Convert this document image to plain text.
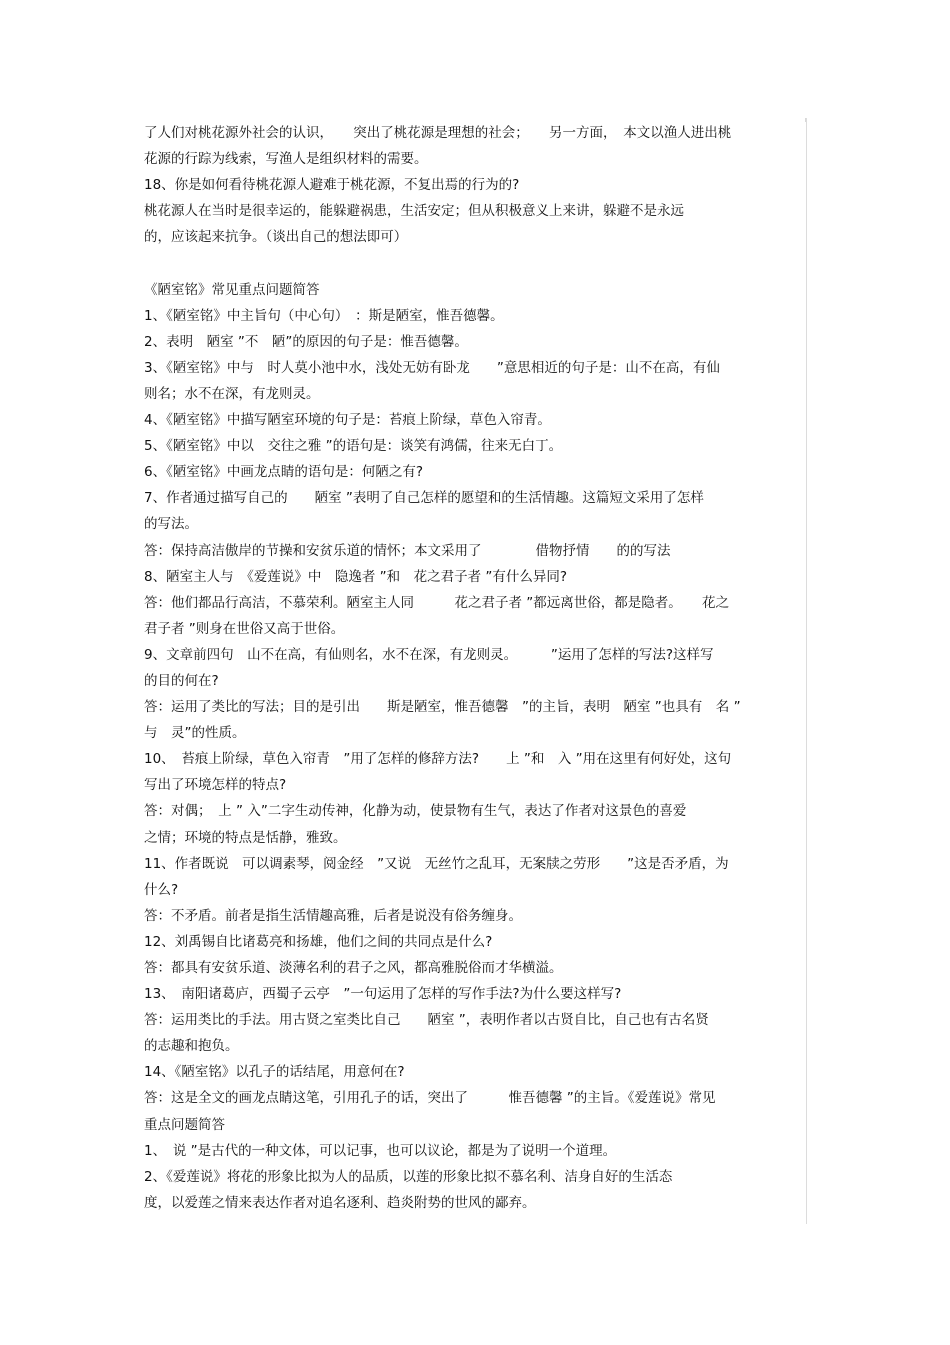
了人们对桃花源外社会的认识，　　突出了桃花源是理想的社会；　　另一方面，　本文以渔人进出桃
花源的行踪为线索，写渔人是组织材料的需要。
18、你是如何看待桃花源人避难于桃花源，不复出焉的行为的?
桃花源人在当时是很幸运的，能躲避祸患，生活安定；但从积极意义上来讲，躲避不是永远
的，应该起来抗争。（谈出自己的想法即可）
《陋室铭》常见重点问题简答
1、《陋室铭》中主旨句（中心句）　：斯是陋室，惟吾德馨。
2、表明　陋室 ”不　陋”的原因的句子是：惟吾德馨。
3、《陋室铭》中与　时人莫小池中水，浅处无妨有卧龙　　”意思相近的句子是：山不在高，有仙
则名；水不在深，有龙则灵。
4、《陋室铭》中描写陋室环境的句子是：苔痕上阶绿，草色入帘青。
5、《陋室铭》中以　交往之雅 ”的语句是：谈笑有鸿儒，往来无白丁。
6、《陋室铭》中画龙点睛的语句是：何陋之有?
7、作者通过描写自己的　　陋室 ”表明了自己怎样的愿望和的生活情趣。这篇短文采用了怎样
的写法。
答：保持高洁傲岸的节操和安贫乐道的情怀；本文采用了　　　　借物抒情　　的的写法
8、陋室主人与　《爱莲说》中　隐逸者 ”和　花之君子者 ”有什么异同?
答：他们都品行高洁，不慕荣利。陋室主人同　　　花之君子者 ”都远离世俗，都是隐者。　　花之
君子者 ”则身在世俗又高于世俗。
9、文章前四句　山不在高，有仙则名，水不在深，有龙则灵。　　　”运用了怎样的写法?这样写
的目的何在?
答：运用了类比的写法；目的是引出　　斯是陋室，惟吾德馨　”的主旨，表明　陋室 ”也具有　名 ”
与　灵”的性质。
10、　苔痕上阶绿，草色入帘青　”用了怎样的修辞方法?　　上 ”和　入 ”用在这里有何好处，这句
写出了环境怎样的特点?
答：对偶；　上 ” 入”二字生动传神，化静为动，使景物有生气，表达了作者对这景色的喜爱
之情；环境的特点是恬静，雅致。
11、作者既说　可以调素琴，阅金经　”又说　无丝竹之乱耳，无案牍之劳形　　”这是否矛盾，为
什么?
答：不矛盾。前者是指生活情趣高雅，后者是说没有俗务缠身。
12、刘禹锡自比诸葛亮和扬雄，他们之间的共同点是什么?
答：都具有安贫乐道、淡薄名利的君子之风，都高雅脱俗而才华横溢。
13、　南阳诸葛庐，西蜀子云亭　”一句运用了怎样的写作手法?为什么要这样写?
答：运用类比的手法。用古贤之室类比自己　　陋室 ”，表明作者以古贤自比，自己也有古名贤
的志趣和抱负。
14、《陋室铭》以孔子的话结尾，用意何在?
答：这是全文的画龙点睛这笔，引用孔子的话，突出了　　　惟吾德馨 ”的主旨。《爱莲说》常见
重点问题简答
1、　说 ”是古代的一种文体，可以记事，也可以议论，都是为了说明一个道理。
2、《爱莲说》将花的形象比拟为人的品质，以莲的形象比拟不慕名利、洁身自好的生活态
度，以爱莲之情来表达作者对追名逐利、趋炎附势的世风的鄙弃。
